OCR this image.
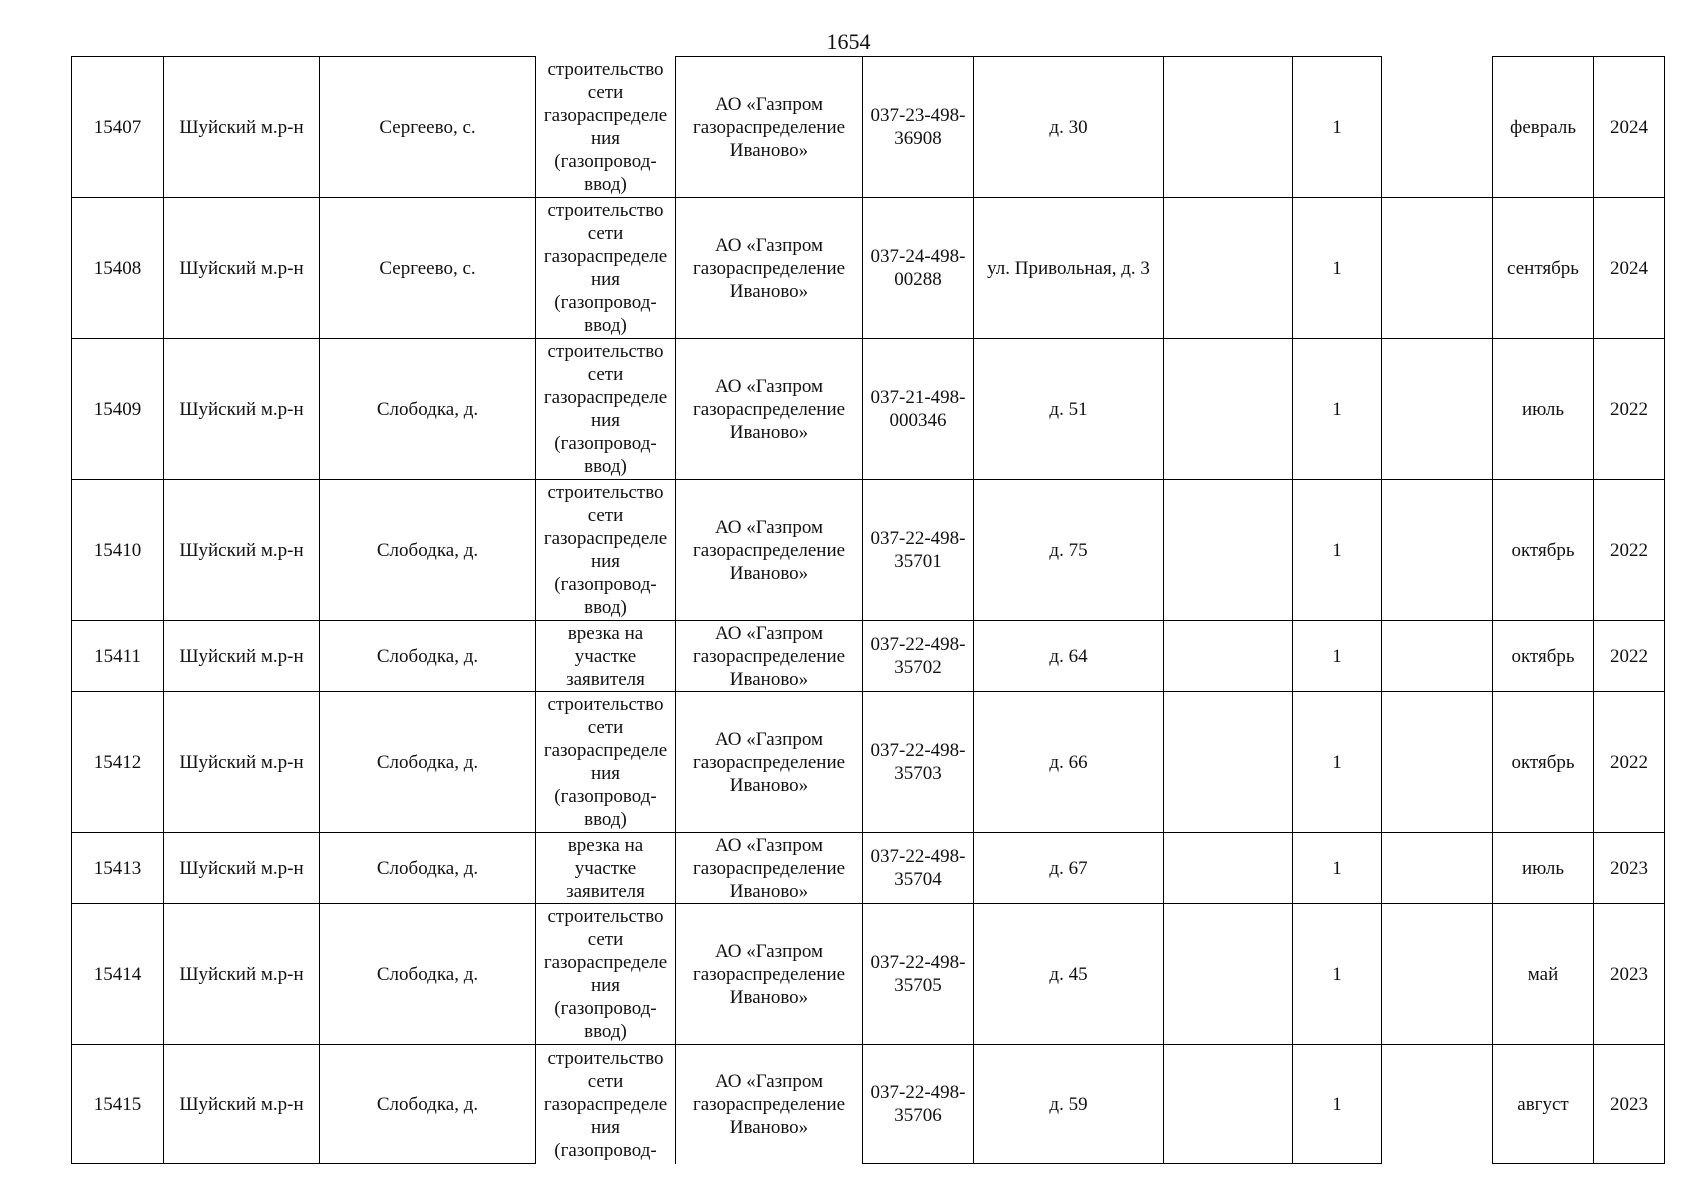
1654
15407	Шуйский м.р-н	Сергеево, с.	строительство сети газораспределения (газопровод-ввод)	АО «Газпром газораспределение Иваново»	037-23-498-36908	д. 30		1		февраль	2024
15408	Шуйский м.р-н	Сергеево, с.	строительство сети газораспределения (газопровод-ввод)	АО «Газпром газораспределение Иваново»	037-24-498-00288	ул. Привольная, д. 3		1		сентябрь	2024
15409	Шуйский м.р-н	Слободка, д.	строительство сети газораспределения (газопровод-ввод)	АО «Газпром газораспределение Иваново»	037-21-498-000346	д. 51		1		июль	2022
15410	Шуйский м.р-н	Слободка, д.	строительство сети газораспределения (газопровод-ввод)	АО «Газпром газораспределение Иваново»	037-22-498-35701	д. 75		1		октябрь	2022
15411	Шуйский м.р-н	Слободка, д.	врезка на участке заявителя	АО «Газпром газораспределение Иваново»	037-22-498-35702	д. 64		1		октябрь	2022
15412	Шуйский м.р-н	Слободка, д.	строительство сети газораспределения (газопровод-ввод)	АО «Газпром газораспределение Иваново»	037-22-498-35703	д. 66		1		октябрь	2022
15413	Шуйский м.р-н	Слободка, д.	врезка на участке заявителя	АО «Газпром газораспределение Иваново»	037-22-498-35704	д. 67		1		июль	2023
15414	Шуйский м.р-н	Слободка, д.	строительство сети газораспределения (газопровод-ввод)	АО «Газпром газораспределение Иваново»	037-22-498-35705	д. 45		1		май	2023
15415	Шуйский м.р-н	Слободка, д.	строительство сети газораспределения (газопровод-	АО «Газпром газораспределение Иваново»	037-22-498-35706	д. 59		1		август	2023
